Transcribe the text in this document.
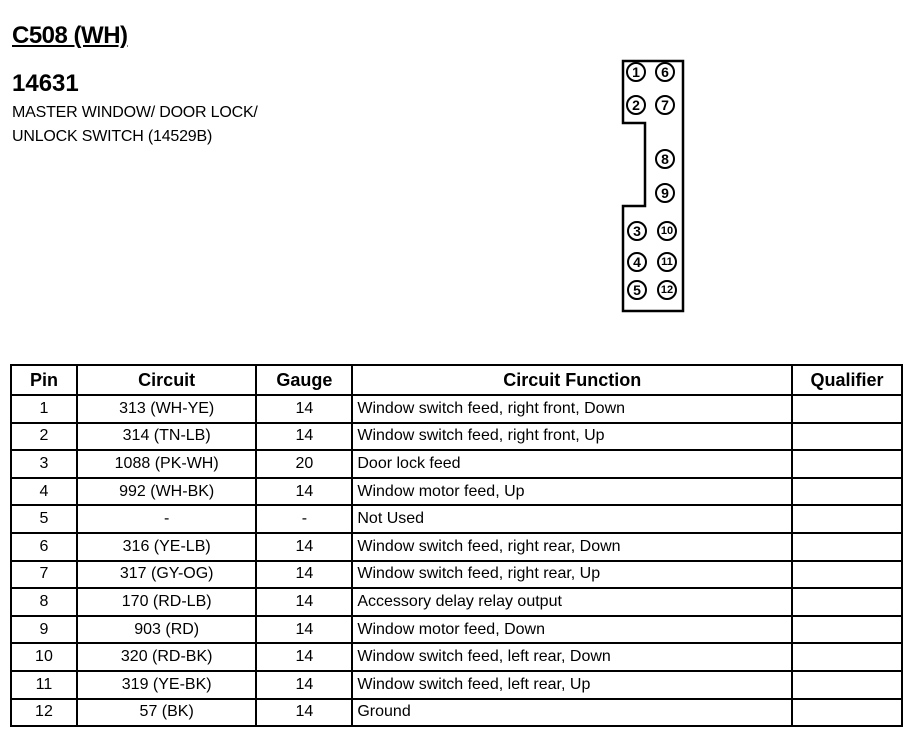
C508 (WH)
14631

MASTER WINDOW/ DOOR LOCK/

UNLOCK SWITCH (14529B)

1 6
2 7
8
9
3 10
4 11
5 12
Pin	Circuit	Gauge	Circuit Function	Qualifier
1	313 (WH-YE)	14	Window switch feed, right front, Down	
2	314 (TN-LB)	14	Window switch feed, right front, Up	
3	1088 (PK-WH)	20	Door lock feed	
4	992 (WH-BK)	14	Window motor feed, Up	
5	-	-	Not Used	
6	316 (YE-LB)	14	Window switch feed, right rear, Down	
7	317 (GY-OG)	14	Window switch feed, right rear, Up	
8	170 (RD-LB)	14	Accessory delay relay output	
9	903 (RD)	14	Window motor feed, Down	
10	320 (RD-BK)	14	Window switch feed, left rear, Down	
11	319 (YE-BK)	14	Window switch feed, left rear, Up	
12	57 (BK)	14	Ground	
